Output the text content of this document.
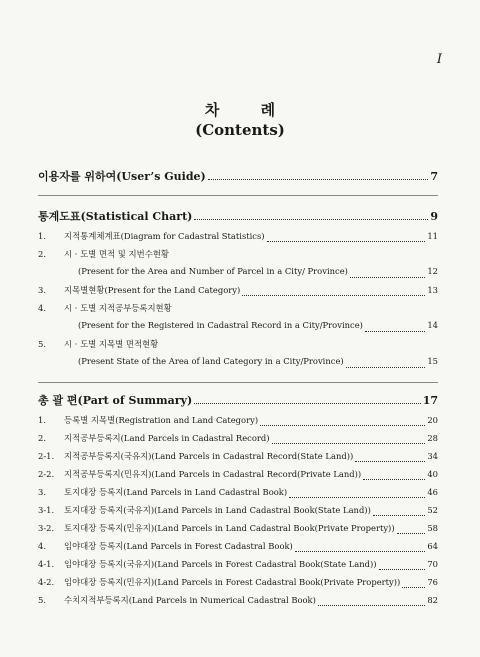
I
차 례
(Contents)
이용자를 위하여(User’s Guide)	7
통계도표(Statistical Chart)	9
1.	지적통계체계표(Diagram for Cadastral Statistics)	11
2.	시 · 도별 면적 및 지번수현황
(Present for the Area and Number of Parcel in a City/ Province)	12
3.	지목별현황(Present for the Land Category)	13
4.	시 · 도별 지적공부등록지현황
(Present for the Registered in Cadastral Record in a City/Province)	14
5.	시 · 도별 지목별 면적현황
(Present State of the Area of land Category in a City/Province)	15
총 괄 편(Part of Summary)	17
1.	등록별 지목별(Registration and Land Category)	20
2.	지적공부등록지(Land Parcels in Cadastral Record)	28
2-1.	지적공부등록지(국유지)(Land Parcels in Cadastral Record(State Land))	34
2-2.	지적공부등록지(민유지)(Land Parcels in Cadastral Record(Private Land))	40
3.	토지대장 등록지(Land Parcels in Land Cadastral Book)	46
3-1.	토지대장 등록지(국유지)(Land Parcels in Land Cadastral Book(State Land))	52
3-2.	토지대장 등록지(민유지)(Land Parcels in Land Cadastral Book(Private Property))	58
4.	임야대장 등록지(Land Parcels in Forest Cadastral Book)	64
4-1.	임야대장 등록지(국유지)(Land Parcels in Forest Cadastral Book(State Land))	70
4-2.	임야대장 등록지(민유지)(Land Parcels in Forest Cadastral Book(Private Property))	76
5.	수치지적부등록지(Land Parcels in Numerical Cadastral Book)	82
